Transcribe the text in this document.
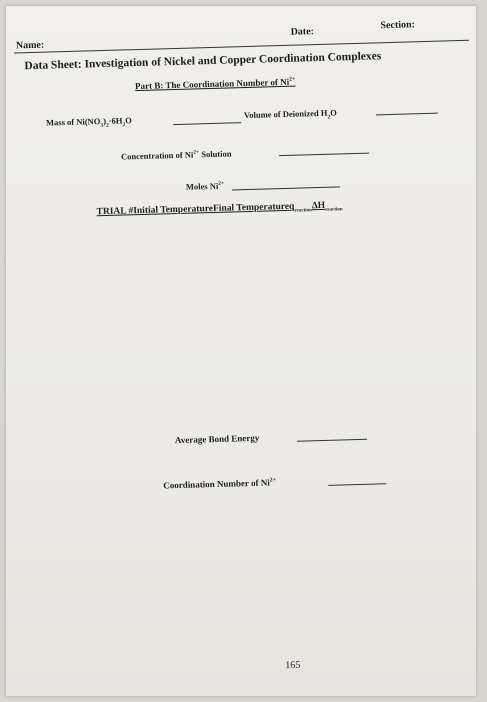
Name:
Date:
Section:
Data Sheet: Investigation of Nickel and Copper Coordination Complexes
Part B: The Coordination Number of $Ni^{2+}$
Mass of $Ni(NO_3)_2\cdot 6H_2O$
Volume of Deionized $H_2O$
Concentration of $Ni^{2+}$ Solution
Moles $Ni^{2+}$
TRIAL #Initial TemperatureFinal $Temperatureq_{reaction}\Delta H_{reaction}$
Average Bond Energy
Coordination Number of $Ni^{2+}$
165
